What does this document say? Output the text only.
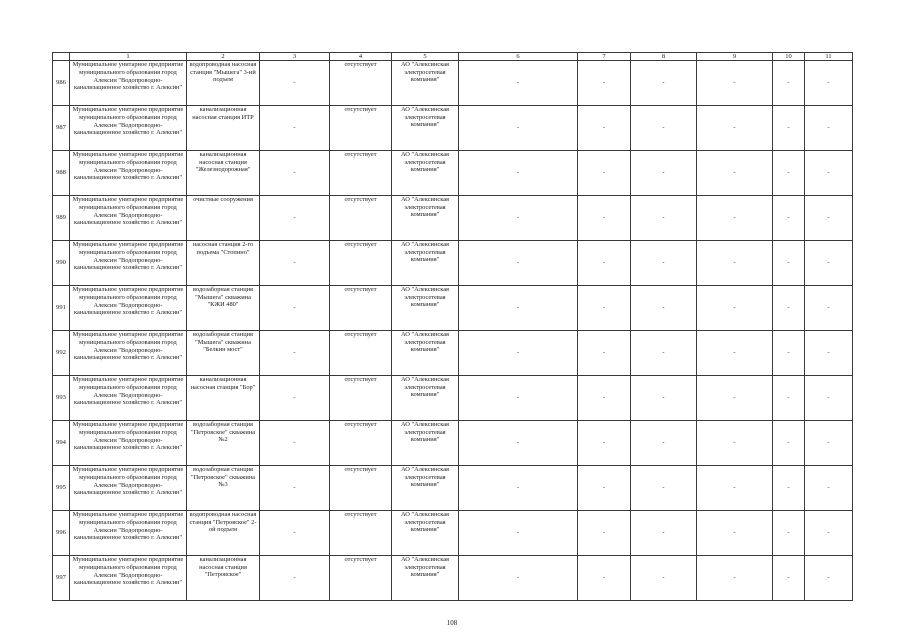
	1	2	3	4	5	6	7	8	9	10	11
986	Муниципальное унитарное предприятие муниципального образования город Алексин "Водопроводно-канализационное хозяйство г. Алексин"	водопроводная насосная станция "Мышега" 3-ий подъем	-	отсутствует	АО "Алексинская электросетевая компания"	-	-	-	-	-	-
987	Муниципальное унитарное предприятие муниципального образования город Алексин "Водопроводно-канализационное хозяйство г. Алексин"	канализационная насосная станция ИТР	-	отсутствует	АО "Алексинская электросетевая компания"	-	-	-	-	-	-
988	Муниципальное унитарное предприятие муниципального образования город Алексин "Водопроводно-канализационное хозяйство г. Алексин"	канализационная насосная станция "Железнодорожная"	-	отсутствует	АО "Алексинская электросетевая компания"	-	-	-	-	-	-
989	Муниципальное унитарное предприятие муниципального образования город Алексин "Водопроводно-канализационное хозяйство г. Алексин"	очистные сооружения	-	отсутствует	АО "Алексинская электросетевая компания"	-	-	-	-	-	-
990	Муниципальное унитарное предприятие муниципального образования город Алексин "Водопроводно-канализационное хозяйство г. Алексин"	насосная станция 2-го подъема "Стопино"	-	отсутствует	АО "Алексинская электросетевая компания"	-	-	-	-	-	-
991	Муниципальное унитарное предприятие муниципального образования город Алексин "Водопроводно-канализационное хозяйство г. Алексин"	водозаборная станция "Мышега" скважина "КЖИ 480"	-	отсутствует	АО "Алексинская электросетевая компания"	-	-	-	-	-	-
992	Муниципальное унитарное предприятие муниципального образования город Алексин "Водопроводно-канализационное хозяйство г. Алексин"	водозаборная станция "Мышега" скважина "Белкин мост"	-	отсутствует	АО "Алексинская электросетевая компания"	-	-	-	-	-	-
993	Муниципальное унитарное предприятие муниципального образования город Алексин "Водопроводно-канализационное хозяйство г. Алексин"	канализационная насосная станция "Бор"	-	отсутствует	АО "Алексинская электросетевая компания"	-	-	-	-	-	-
994	Муниципальное унитарное предприятие муниципального образования город Алексин "Водопроводно-канализационное хозяйство г. Алексин"	водозаборная станция "Петровское" скважина №2	-	отсутствует	АО "Алексинская электросетевая компания"	-	-	-	-	-	-
995	Муниципальное унитарное предприятие муниципального образования город Алексин "Водопроводно-канализационное хозяйство г. Алексин"	водозаборная станция "Петровское" скважина №3	-	отсутствует	АО "Алексинская электросетевая компания"	-	-	-	-	-	-
996	Муниципальное унитарное предприятие муниципального образования город Алексин "Водопроводно-канализационное хозяйство г. Алексин"	водопроводная насосная станция "Петровское" 2-ой подъем	-	отсутствует	АО "Алексинская электросетевая компания"	-	-	-	-	-	-
997	Муниципальное унитарное предприятие муниципального образования город Алексин "Водопроводно-канализационное хозяйство г. Алексин"	канализационная насосная станция "Петровское"	-	отсутствует	АО "Алексинская электросетевая компания"	-	-	-	-	-	-
108
